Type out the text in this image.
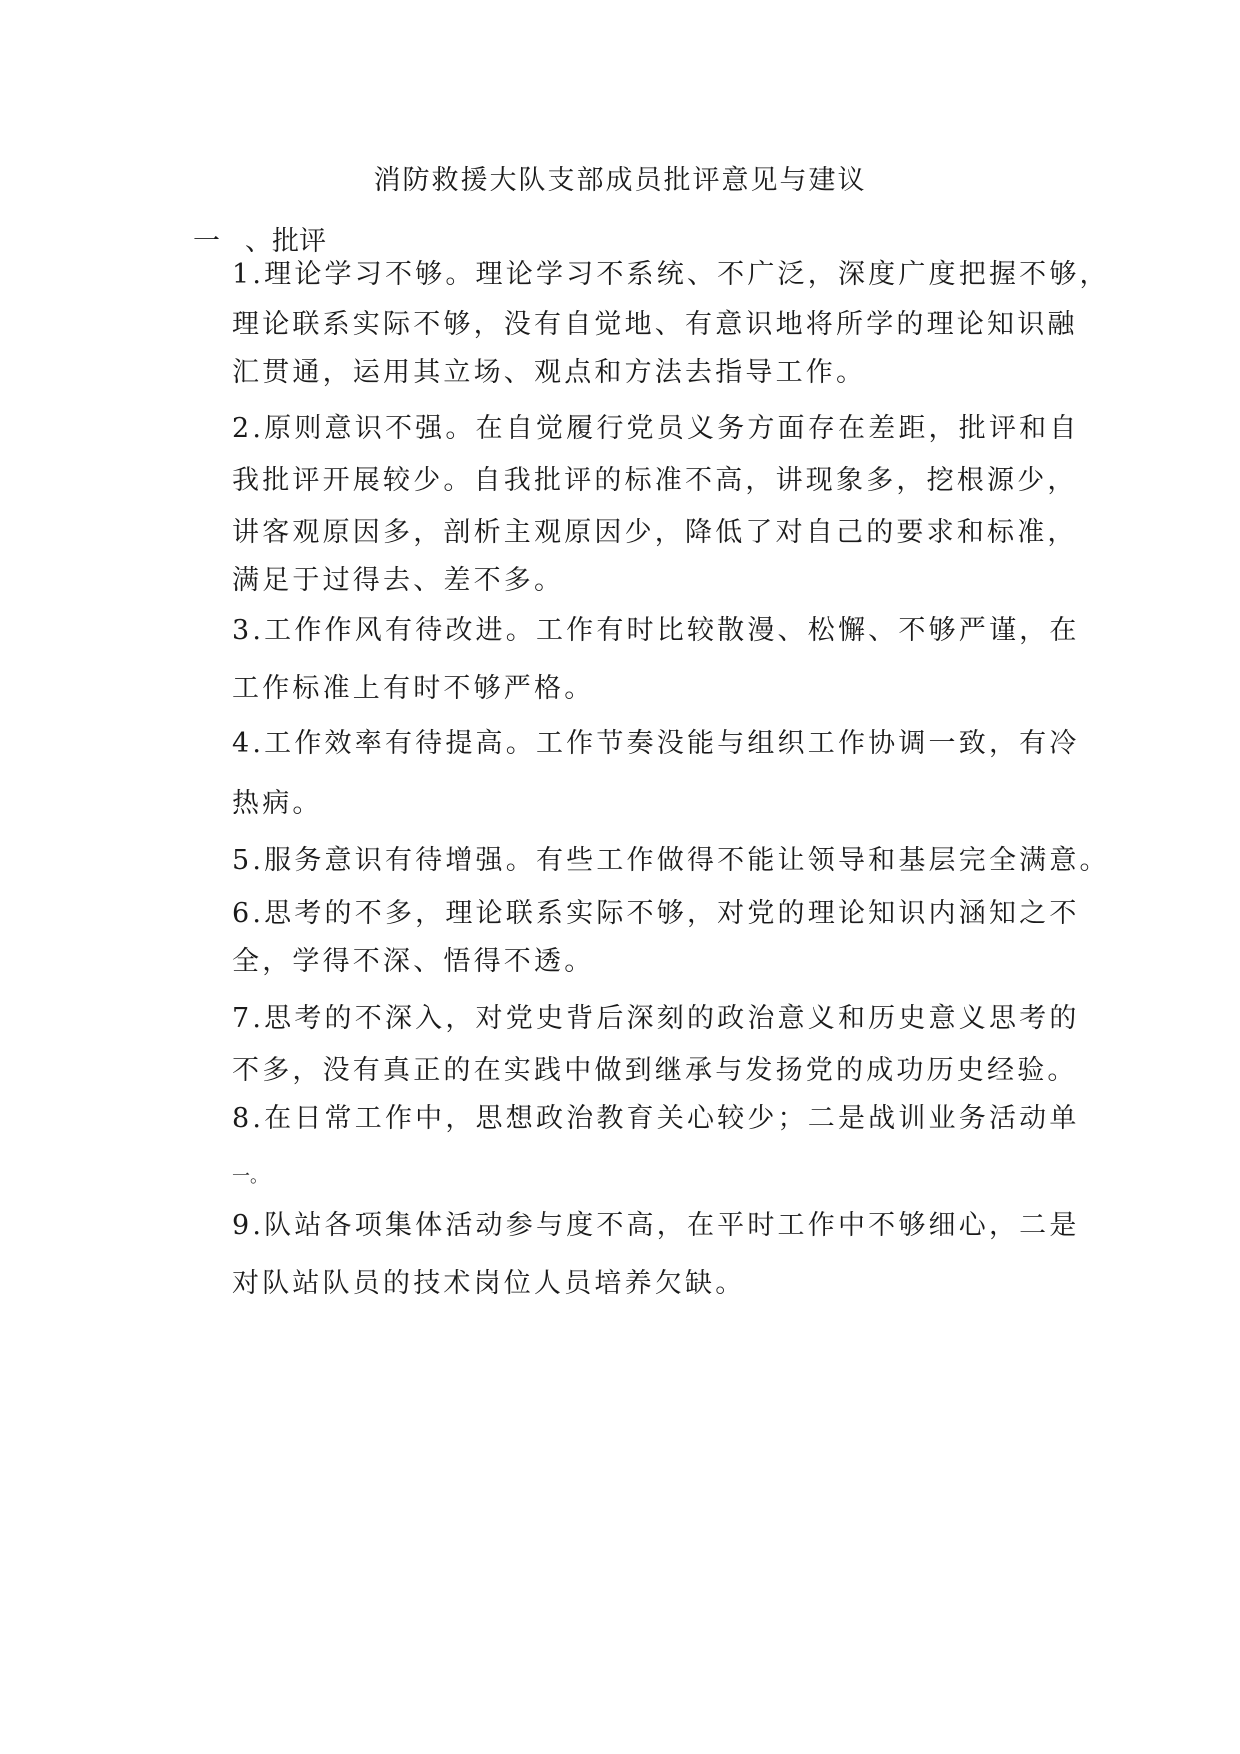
消防救援大队支部成员批评意见与建议
一 、批评
1.理论学习不够。理论学习不系统、不广泛，深度广度把握不够，
理论联系实际不够，没有自觉地、有意识地将所学的理论知识融
汇贯通，运用其立场、观点和方法去指导工作。
2.原则意识不强。在自觉履行党员义务方面存在差距，批评和自
我批评开展较少。自我批评的标准不高，讲现象多，挖根源少，
讲客观原因多，剖析主观原因少，降低了对自己的要求和标准，
满足于过得去、差不多。
3.工作作风有待改进。工作有时比较散漫、松懈、不够严谨，在
工作标准上有时不够严格。
4.工作效率有待提高。工作节奏没能与组织工作协调一致，有冷
热病。
5.服务意识有待增强。有些工作做得不能让领导和基层完全满意。
6.思考的不多，理论联系实际不够，对党的理论知识内涵知之不
全，学得不深、悟得不透。
7.思考的不深入，对党史背后深刻的政治意义和历史意义思考的
不多，没有真正的在实践中做到继承与发扬党的成功历史经验。
8.在日常工作中，思想政治教育关心较少；二是战训业务活动单
一。
9.队站各项集体活动参与度不高，在平时工作中不够细心，二是
对队站队员的技术岗位人员培养欠缺。
